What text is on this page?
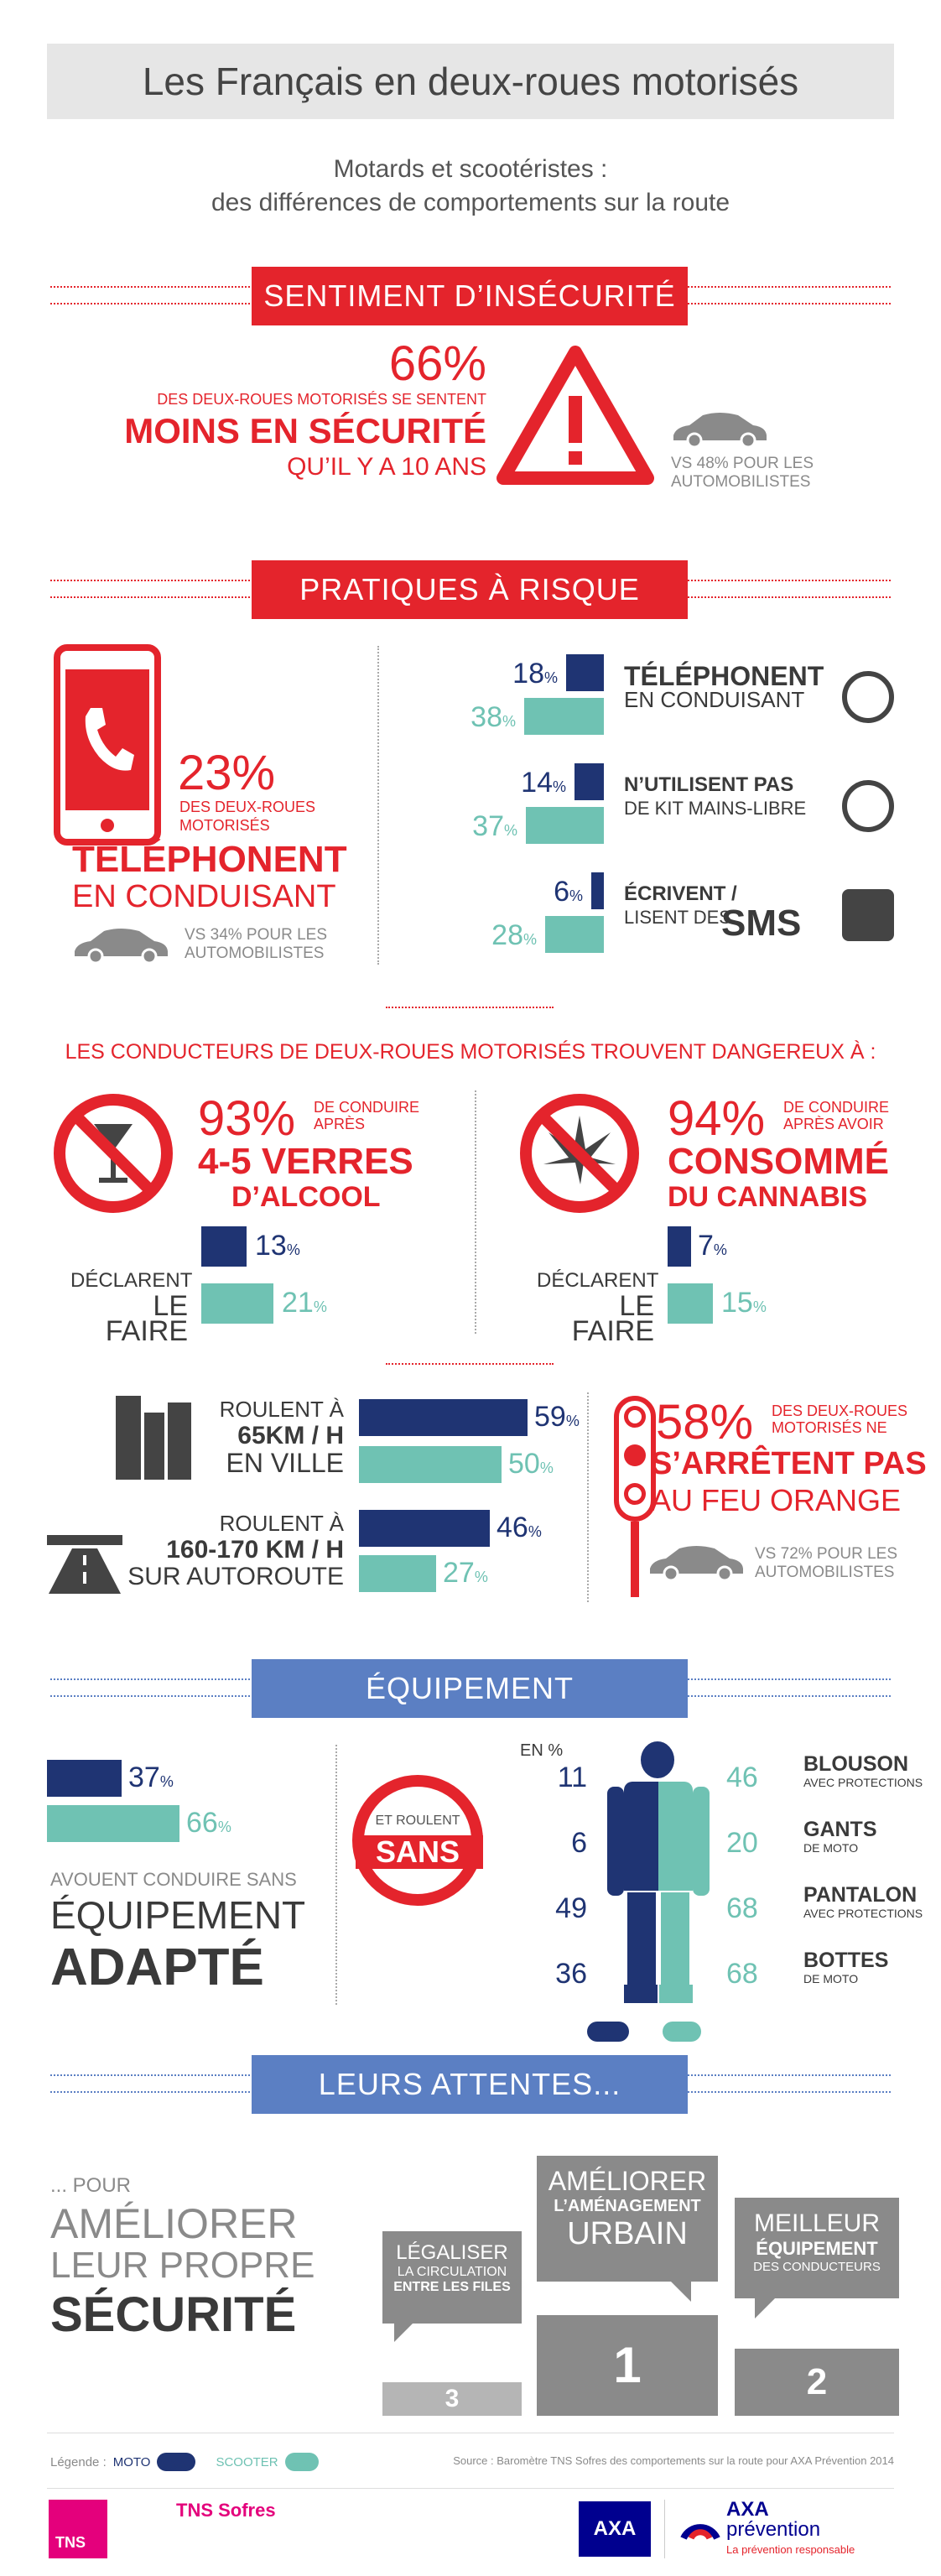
Les Français en deux-roues motorisés
Motards et scootéristes :
des différences de comportements sur la route
SENTIMENT D’INSÉCURITÉ
66%
DES DEUX-ROUES MOTORISÉS SE SENTENT
MOINS EN SÉCURITÉ
QU’IL Y A 10 ANS	VS 48% POUR LES
AUTOMOBILISTES
PRATIQUES À RISQUE
23%
DES DEUX-ROUES
MOTORISÉS
TÉLÉPHONENT
EN CONDUISANT
VS 34% POUR LES
AUTOMOBILISTES
18%
38%
TÉLÉPHONENT
EN CONDUISANT
14%
37%
N’UTILISENT PAS
DE KIT MAINS-LIBRE
6%
28%
ÉCRIVENT /
LISENT DES
SMS
LES CONDUCTEURS DE DEUX-ROUES MOTORISÉS TROUVENT DANGEREUX À :
93% DE CONDUIRE
APRÈS
4-5 VERRES
D’ALCOOL
DÉCLARENT
LE FAIRE
13%
21%
94% DE CONDUIRE
APRÈS AVOIR
CONSOMMÉ
DU CANNABIS
DÉCLARENT
LE FAIRE
7%
15%
ROULENT À
65KM / H
EN VILLE
59%
50%
ROULENT À
160-170 KM / H
SUR AUTOROUTE
46%
27%
58% DES DEUX-ROUES
MOTORISÉS NE
S’ARRÊTENT PAS
AU FEU ORANGE
VS 72% POUR LES
AUTOMOBILISTES
ÉQUIPEMENT
37%
66%
AVOUENT CONDUIRE SANS
ÉQUIPEMENT
ADAPTÉ
ET ROULENT
SANS
EN %
11	46	BLOUSON
AVEC PROTECTIONS
6	20	GANTS
DE MOTO
49	68	PANTALON
AVEC PROTECTIONS
36	68	BOTTES
DE MOTO
LEURS ATTENTES...
... POUR
AMÉLIORER
LEUR PROPRE
SÉCURITÉ
AMÉLIORER
L’AMÉNAGEMENT
URBAIN
1
MEILLEUR
ÉQUIPEMENT
DES CONDUCTEURS
2
LÉGALISER
LA CIRCULATION
ENTRE LES FILES
3
Légende : MOTO	SCOOTER	Source : Baromètre TNS Sofres des comportements sur la route pour AXA Prévention 2014
TNS
TNS Sofres
AXA
AXA
prévention
La prévention responsable
